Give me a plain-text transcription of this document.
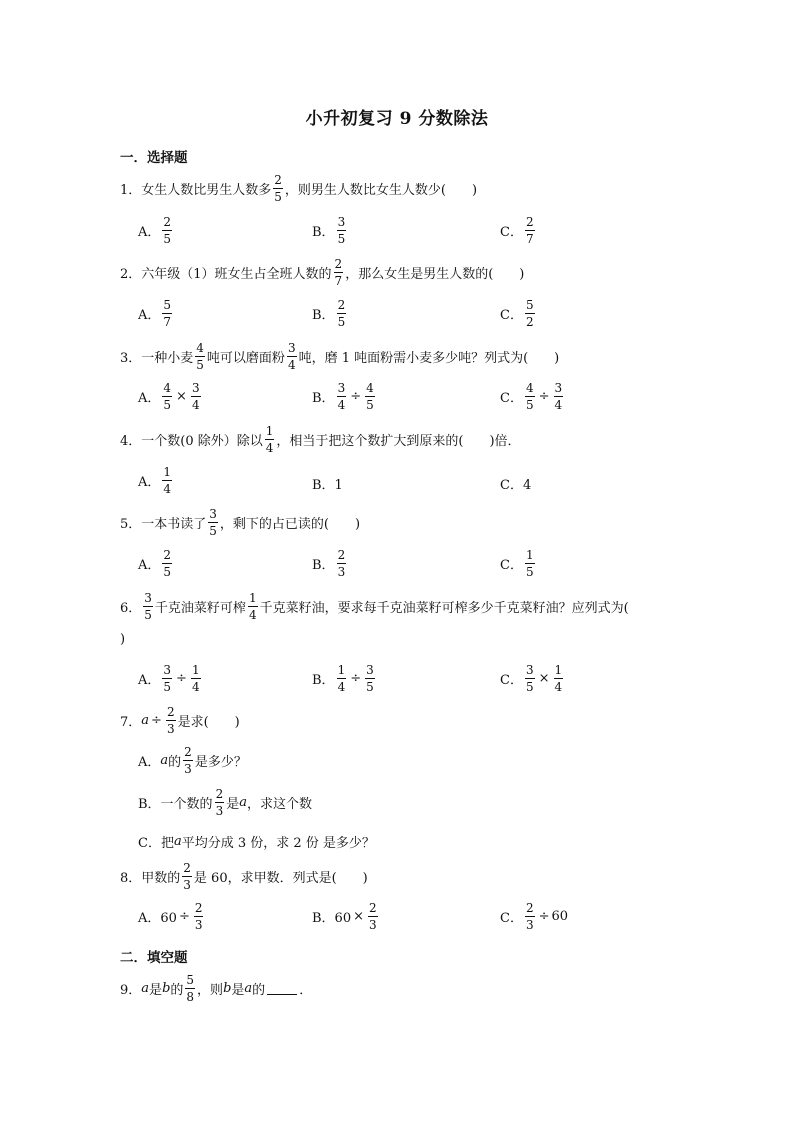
小升初复习 9 分数除法
一．选择题
1．女生人数比男生人数多 $\frac{2}{5}$ ，则男生人数比女生人数少(　　)
A． $\frac{2}{5}$	B． $\frac{3}{5}$	C． $\frac{2}{7}$
2．六年级（1）班女生占全班人数的 $\frac{2}{7}$ ，那么女生是男生人数的(　　)
A． $\frac{5}{7}$	B． $\frac{2}{5}$	C． $\frac{5}{2}$
3．一种小麦 $\frac{4}{5}$ 吨可以磨面粉 $\frac{3}{4}$ 吨，磨 1 吨面粉需小麦多少吨？列式为(　　)
A． $\frac{4}{5} \times \frac{3}{4}$	B． $\frac{3}{4} \div \frac{4}{5}$	C． $\frac{4}{5} \div \frac{3}{4}$
4．一个数(0 除外）除以 $\frac{1}{4}$ ，相当于把这个数扩大到原来的(　　)倍．
A． $\frac{1}{4}$	B．1	C．4
5．一本书读了 $\frac{3}{5}$ ，剩下的占已读的(　　)
A． $\frac{2}{5}$	B． $\frac{2}{3}$	C． $\frac{1}{5}$
6． $\frac{3}{5}$ 千克油菜籽可榨 $\frac{1}{4}$ 千克菜籽油，要求每千克油菜籽可榨多少千克菜籽油？应列式为(
)
A． $\frac{3}{5} \div \frac{1}{4}$	B． $\frac{1}{4} \div \frac{3}{5}$	C． $\frac{3}{5} \times \frac{1}{4}$
7． $a \div \frac{2}{3}$ 是求(　　)
A． a 的 $\frac{2}{3}$ 是多少？
B．一个数的 $\frac{2}{3}$ 是 a ，求这个数
C．把 a 平均分成 3 份，求 2 份 是多少？
8．甲数的 $\frac{2}{3}$ 是 60，求甲数．列式是(　　)
A．$60 \div \frac{2}{3}$	B．$60 \times \frac{2}{3}$	C． $\frac{2}{3} \div 60$
二．填空题
9． a 是 b 的 $\frac{5}{8}$ ，则 b 是 a 的	．
